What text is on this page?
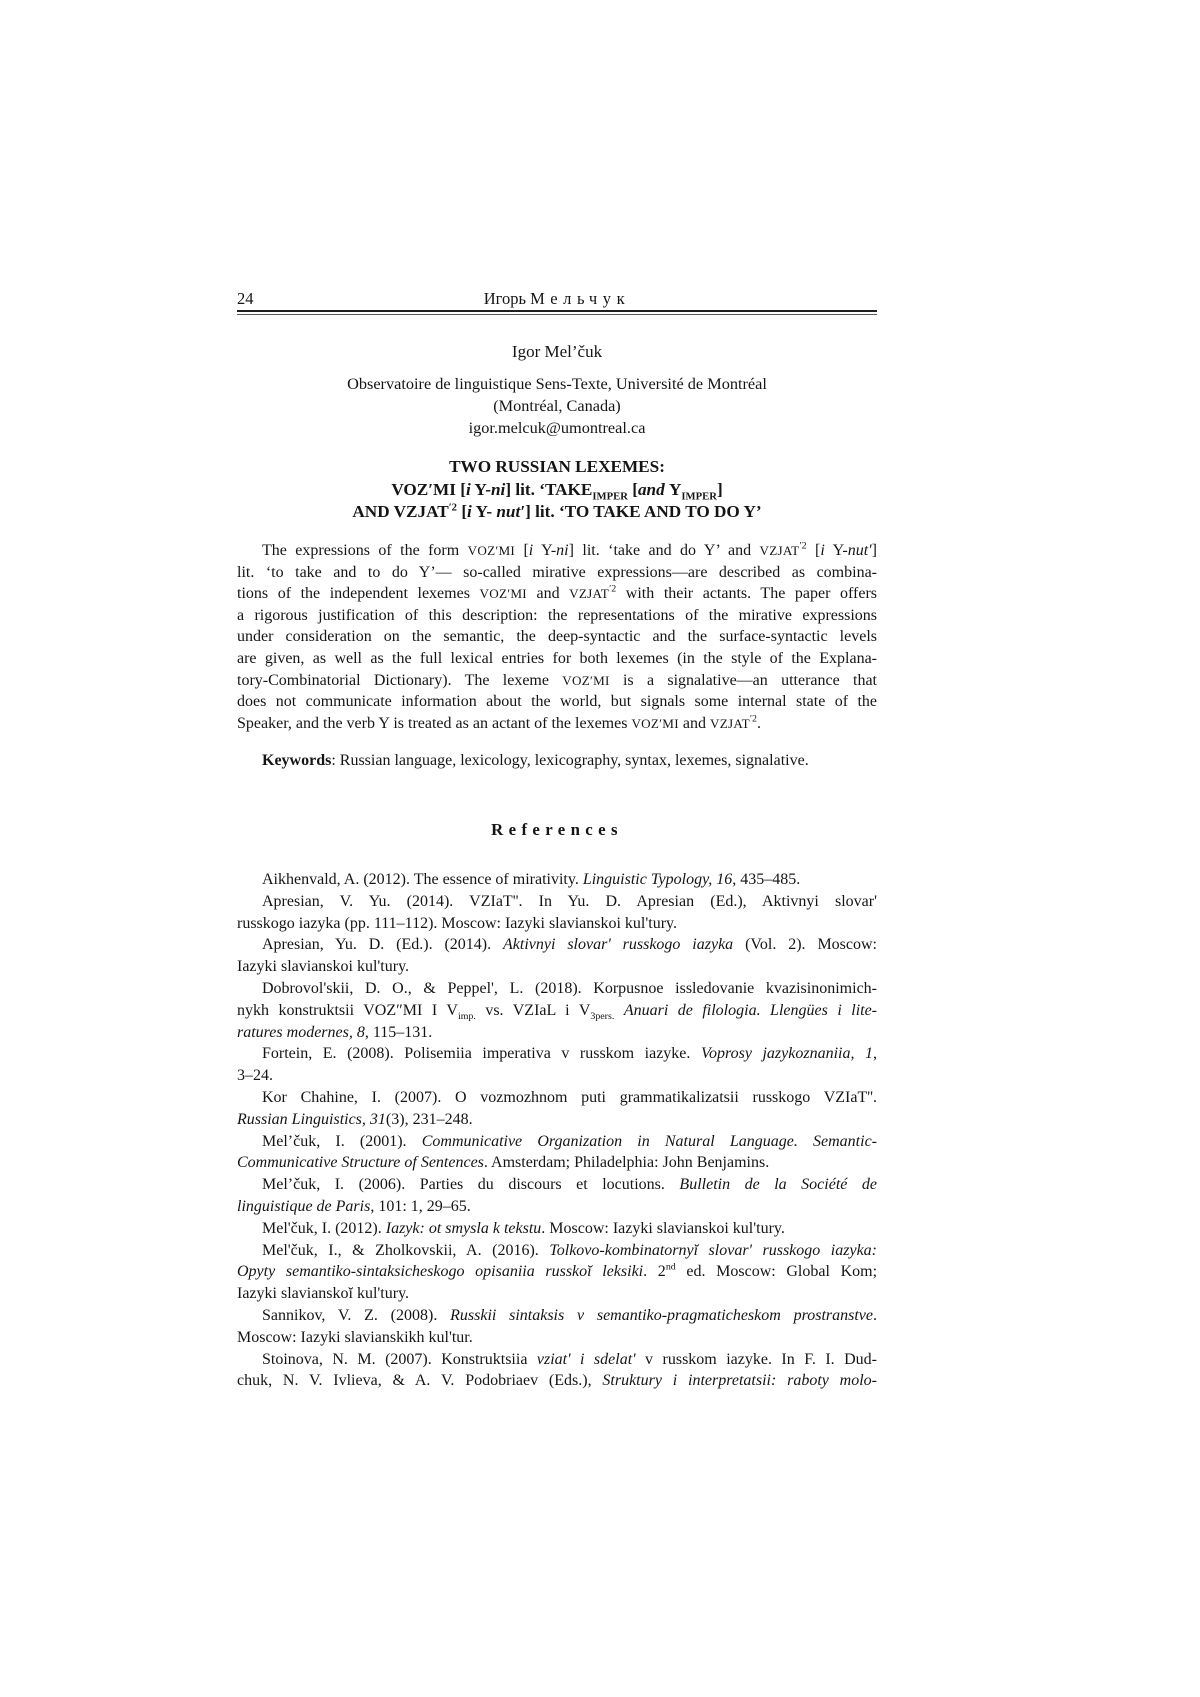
24	Игорь Мельчук
Igor Mel’čuk
Observatoire de linguistique Sens-Texte, Université de Montréal
(Montréal, Canada)
igor.melcuk@umontreal.ca
TWO RUSSIAN LEXEMES:
VOZ′MI [i Y-ni] lit. ‘$TAKE_{IMPER}$ [and $Y_{IMPER}$]
AND $VZJAT^{'2}$ [i Y- nut′] lit. ‘TO TAKE AND TO DO Y’
The expressions of the form VOZ′MI [i Y-ni] lit. ‘take and do Y’ and $VZJAT^{'2}$ [i Y-nut′]
lit. ‘to take and to do Y’— so-called mirative expressions—are described as combina-
tions of the independent lexemes VOZ′MI and $VZJAT^{'2}$ with their actants. The paper offers
a rigorous justification of this description: the representations of the mirative expressions
under consideration on the semantic, the deep-syntactic and the surface-syntactic levels
are given, as well as the full lexical entries for both lexemes (in the style of the Explana-
tory-Combinatorial Dictionary). The lexeme VOZ′MI is a signalative—an utterance that
does not communicate information about the world, but signals some internal state of the
Speaker, and the verb Y is treated as an actant of the lexemes VOZ′MI and $VZJAT^{'2}$.
Keywords: Russian language, lexicology, lexicography, syntax, lexemes, signalative.
References
Aikhenvald, A. (2012). The essence of mirativity. Linguistic Typology, 16, 435–485.
Apresian, V. Yu. (2014). VZIaT''. In Yu. D. Apresian (Ed.), Aktivnyi slovar'
russkogo iazyka (pp. 111–112). Moscow: Iazyki slavianskoi kul'tury.
Apresian, Yu. D. (Ed.). (2014). Aktivnyi slovar' russkogo iazyka (Vol. 2). Moscow:
Iazyki slavianskoi kul'tury.
Dobrovol'skii, D. O., & Peppel', L. (2018). Korpusnoe issledovanie kvazisinonimich-
nykh konstruktsii VOZ″MI I $V_{imp.}$ vs. VZIaL i $V_{3pers.}$ Anuari de filologia. Llengües i lite-
ratures modernes, 8, 115–131.
Fortein, E. (2008). Polisemiia imperativa v russkom iazyke. Voprosy jazykoznaniia, 1,
3–24.
Kor Chahine, I. (2007). O vozmozhnom puti grammatikalizatsii russkogo VZIaT''.
Russian Linguistics, 31(3), 231–248.
Mel’čuk, I. (2001). Communicative Organization in Natural Language. Semantic-
Communicative Structure of Sentences. Amsterdam; Philadelphia: John Benjamins.
Mel’čuk, I. (2006). Parties du discours et locutions. Bulletin de la Société de
linguistique de Paris, 101: 1, 29–65.
Mel'čuk, I. (2012). Iazyk: ot smysla k tekstu. Moscow: Iazyki slavianskoi kul'tury.
Mel'čuk, I., & Zholkovskii, A. (2016). Tolkovo-kombinatornyĭ slovar' russkogo iazyka:
Opyty semantiko-sintaksicheskogo opisaniia russkoĭ leksiki. 2nd ed. Moscow: Global Kom;
Iazyki slavianskoĭ kul'tury.
Sannikov, V. Z. (2008). Russkii sintaksis v semantiko-pragmaticheskom prostranstve.
Moscow: Iazyki slavianskikh kul'tur.
Stoinova, N. M. (2007). Konstruktsiia vziat' i sdelat' v russkom iazyke. In F. I. Dud-
chuk, N. V. Ivlieva, & A. V. Podobriaev (Eds.), Struktury i interpretatsii: raboty molo-
